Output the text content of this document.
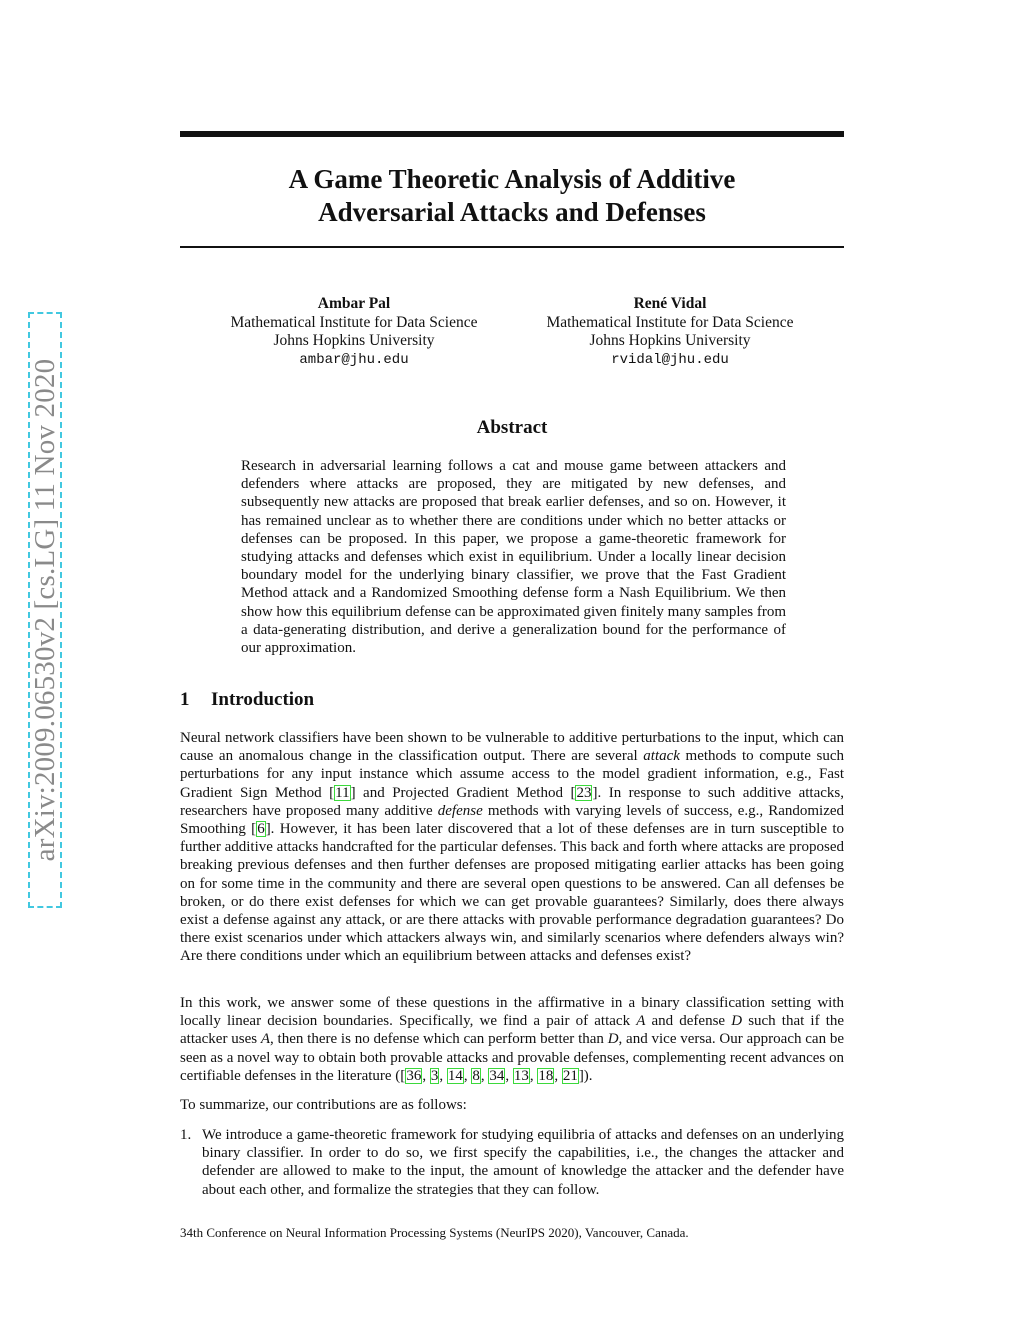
arXiv:2009.06530v2 [cs.LG] 11 Nov 2020
A Game Theoretic Analysis of Additive
Adversarial Attacks and Defenses
Ambar Pal
Mathematical Institute for Data Science
Johns Hopkins University
ambar@jhu.edu
René Vidal
Mathematical Institute for Data Science
Johns Hopkins University
rvidal@jhu.edu
Abstract
Research in adversarial learning follows a cat and mouse game between attackers and defenders where attacks are proposed, they are mitigated by new defenses, and subsequently new attacks are proposed that break earlier defenses, and so on. However, it has remained unclear as to whether there are conditions under which no better attacks or defenses can be proposed. In this paper, we propose a game-theoretic framework for studying attacks and defenses which exist in equilibrium. Under a locally linear decision boundary model for the underlying binary classifier, we prove that the Fast Gradient Method attack and a Randomized Smoothing defense form a Nash Equilibrium. We then show how this equilibrium defense can be approximated given finitely many samples from a data-generating distribution, and derive a generalization bound for the performance of our approximation.
1 Introduction
Neural network classifiers have been shown to be vulnerable to additive perturbations to the input, which can cause an anomalous change in the classification output. There are several attack methods to compute such perturbations for any input instance which assume access to the model gradient information, e.g., Fast Gradient Sign Method [11] and Projected Gradient Method [23]. In response to such additive attacks, researchers have proposed many additive defense methods with varying levels of success, e.g., Randomized Smoothing [6]. However, it has been later discovered that a lot of these defenses are in turn susceptible to further additive attacks handcrafted for the particular defenses. This back and forth where attacks are proposed breaking previous defenses and then further defenses are proposed mitigating earlier attacks has been going on for some time in the community and there are several open questions to be answered. Can all defenses be broken, or do there exist defenses for which we can get provable guarantees? Similarly, does there always exist a defense against any attack, or are there attacks with provable performance degradation guarantees? Do there exist scenarios under which attackers always win, and similarly scenarios where defenders always win? Are there conditions under which an equilibrium between attacks and defenses exist?
In this work, we answer some of these questions in the affirmative in a binary classification setting with locally linear decision boundaries. Specifically, we find a pair of attack A and defense D such that if the attacker uses A, then there is no defense which can perform better than D, and vice versa. Our approach can be seen as a novel way to obtain both provable attacks and provable defenses, complementing recent advances on certifiable defenses in the literature ([36, 3, 14, 8, 34, 13, 18, 21]).
To summarize, our contributions are as follows:
1. We introduce a game-theoretic framework for studying equilibria of attacks and defenses on an underlying binary classifier. In order to do so, we first specify the capabilities, i.e., the changes the attacker and defender are allowed to make to the input, the amount of knowledge the attacker and the defender have about each other, and formalize the strategies that they can follow.
34th Conference on Neural Information Processing Systems (NeurIPS 2020), Vancouver, Canada.
